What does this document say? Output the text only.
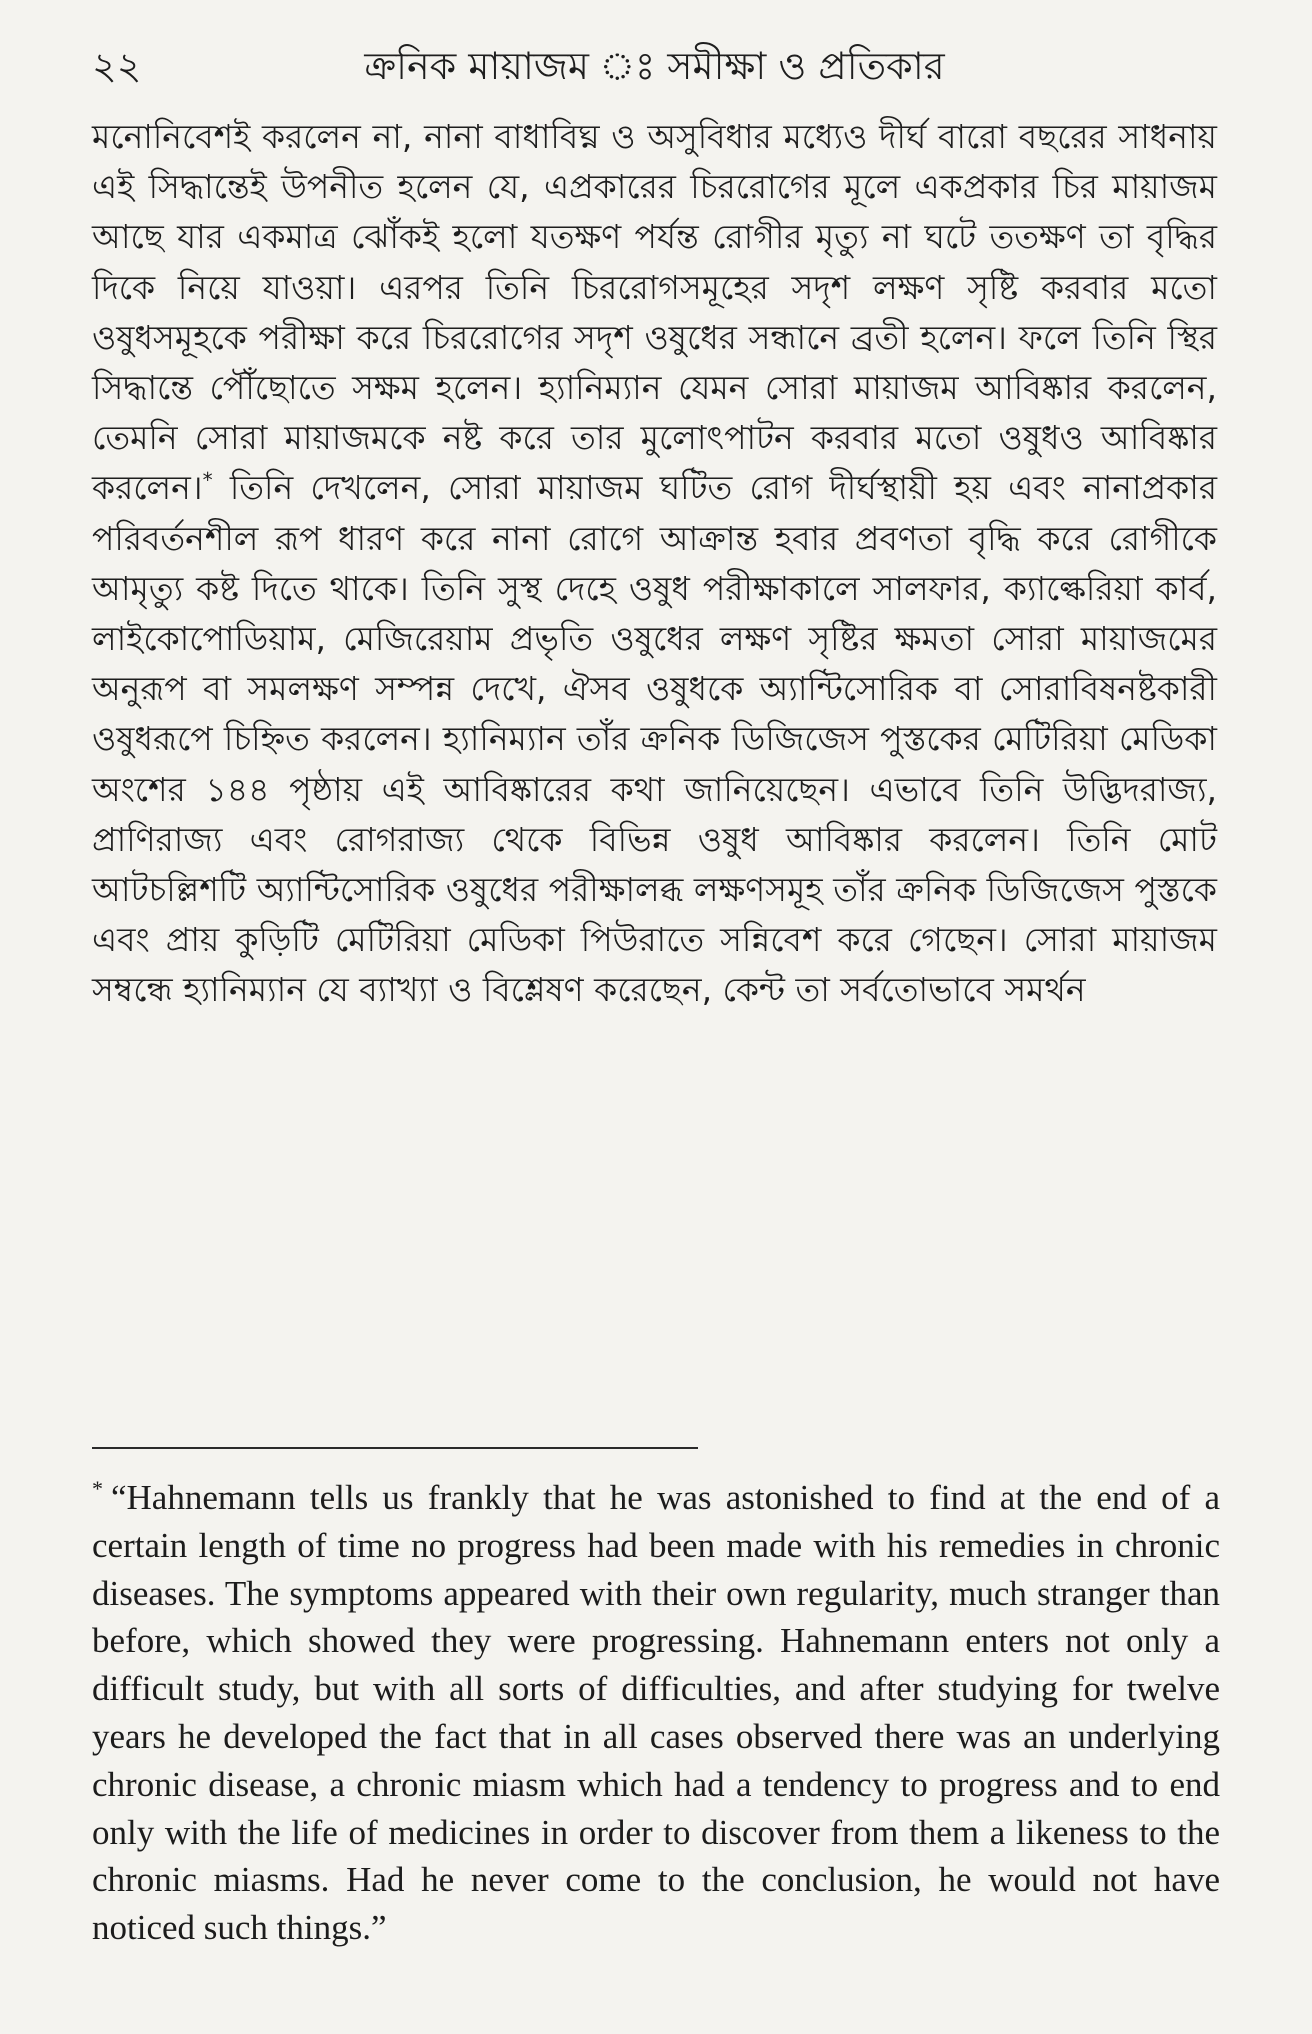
২২	ক্রনিক মায়াজম ঃ সমীক্ষা ও প্রতিকার
মনোনিবেশই করলেন না, নানা বাধাবিঘ্ন ও অসুবিধার মধ্যেও দীর্ঘ বারো বছরের সাধনায় এই সিদ্ধান্তেই উপনীত হলেন যে, এপ্রকারের চিররোগের মূলে একপ্রকার চির মায়াজম আছে যার একমাত্র ঝোঁকই হলো যতক্ষণ পর্যন্ত রোগীর মৃত্যু না ঘটে ততক্ষণ তা বৃদ্ধির দিকে নিয়ে যাওয়া। এরপর তিনি চিররোগসমূহের সদৃশ লক্ষণ সৃষ্টি করবার মতো ওষুধসমূহকে পরীক্ষা করে চিররোগের সদৃশ ওষুধের সন্ধানে ব্রতী হলেন। ফলে তিনি স্থির সিদ্ধান্তে পৌঁছোতে সক্ষম হলেন। হ্যানিম্যান যেমন সোরা মায়াজম আবিষ্কার করলেন, তেমনি সোরা মায়াজমকে নষ্ট করে তার মুলোৎপাটন করবার মতো ওষুধও আবিষ্কার করলেন।* তিনি দেখলেন, সোরা মায়াজম ঘটিত রোগ দীর্ঘস্থায়ী হয় এবং নানাপ্রকার পরিবর্তনশীল রূপ ধারণ করে নানা রোগে আক্রান্ত হবার প্রবণতা বৃদ্ধি করে রোগীকে আমৃত্যু কষ্ট দিতে থাকে। তিনি সুস্থ দেহে ওষুধ পরীক্ষাকালে সালফার, ক্যাল্কেরিয়া কার্ব, লাইকোপোডিয়াম, মেজিরেয়াম প্রভৃতি ওষুধের লক্ষণ সৃষ্টির ক্ষমতা সোরা মায়াজমের অনুরূপ বা সমলক্ষণ সম্পন্ন দেখে, ঐসব ওষুধকে অ্যান্টিসোরিক বা সোরাবিষনষ্টকারী ওষুধরূপে চিহ্নিত করলেন। হ্যানিম্যান তাঁর ক্রনিক ডিজিজেস পুস্তকের মেটিরিয়া মেডিকা অংশের ১৪৪ পৃষ্ঠায় এই আবিষ্কারের কথা জানিয়েছেন। এভাবে তিনি উদ্ভিদরাজ্য, প্রাণিরাজ্য এবং রোগরাজ্য থেকে বিভিন্ন ওষুধ আবিষ্কার করলেন। তিনি মোট আটচল্লিশটি অ্যান্টিসোরিক ওষুধের পরীক্ষালব্ধ লক্ষণসমূহ তাঁর ক্রনিক ডিজিজেস পুস্তকে এবং প্রায় কুড়িটি মেটিরিয়া মেডিকা পিউরাতে সন্নিবেশ করে গেছেন। সোরা মায়াজম সম্বন্ধে হ্যানিম্যান যে ব্যাখ্যা ও বিশ্লেষণ করেছেন, কেন্ট তা সর্বতোভাবে সমর্থন
* “Hahnemann tells us frankly that he was astonished to find at the end of a certain length of time no progress had been made with his remedies in chronic diseases. The symptoms appeared with their own regularity, much stranger than before, which showed they were progressing. Hahnemann enters not only a difficult study, but with all sorts of difficulties, and after studying for twelve years he developed the fact that in all cases observed there was an underlying chronic disease, a chronic miasm which had a tendency to progress and to end only with the life of medicines in order to discover from them a likeness to the chronic miasms. Had he never come to the conclusion, he would not have noticed such things.”
